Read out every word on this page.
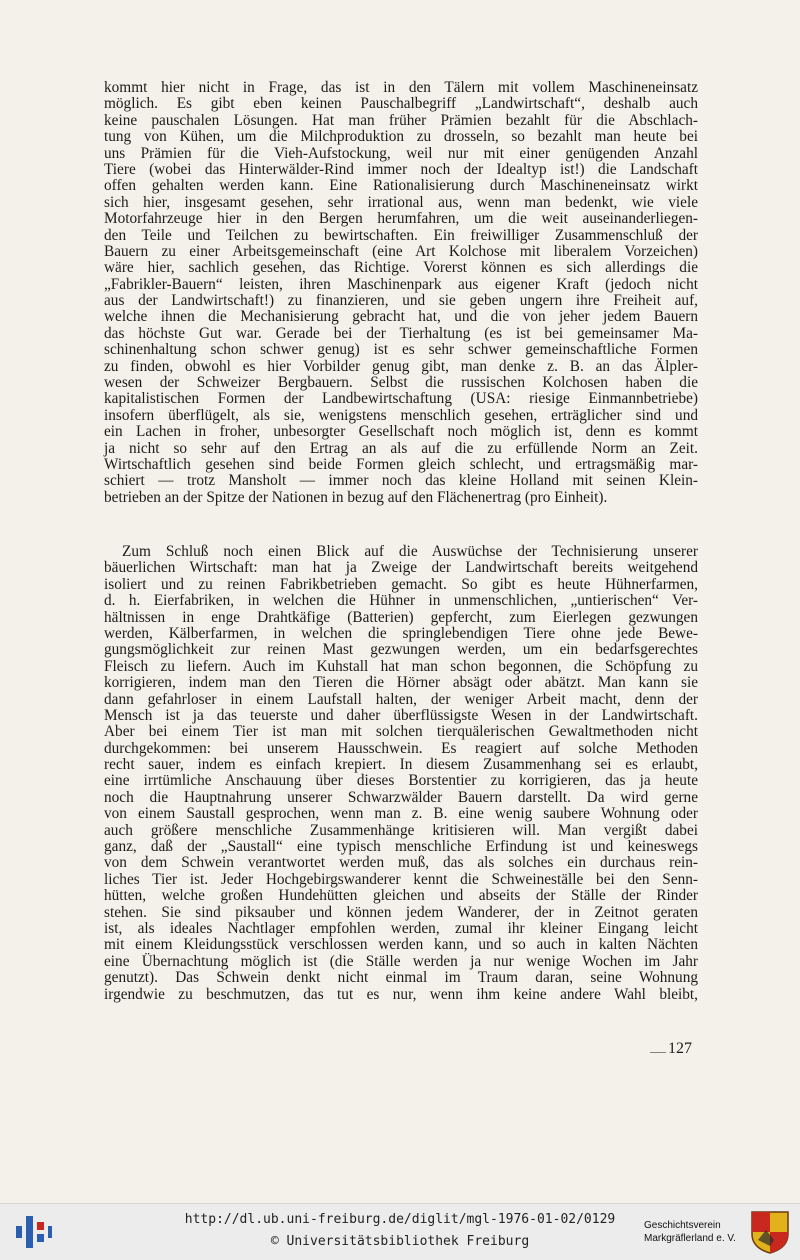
kommt hier nicht in Frage, das ist in den Tälern mit vollem Maschineneinsatz
möglich. Es gibt eben keinen Pauschalbegriff „Landwirtschaft“, deshalb auch
keine pauschalen Lösungen. Hat man früher Prämien bezahlt für die Abschlach-
tung von Kühen, um die Milchproduktion zu drosseln, so bezahlt man heute bei
uns Prämien für die Vieh-Aufstockung, weil nur mit einer genügenden Anzahl
Tiere (wobei das Hinterwälder-Rind immer noch der Idealtyp ist!) die Landschaft
offen gehalten werden kann. Eine Rationalisierung durch Maschineneinsatz wirkt
sich hier, insgesamt gesehen, sehr irrational aus, wenn man bedenkt, wie viele
Motorfahrzeuge hier in den Bergen herumfahren, um die weit auseinanderliegen-
den Teile und Teilchen zu bewirtschaften. Ein freiwilliger Zusammenschluß der
Bauern zu einer Arbeitsgemeinschaft (eine Art Kolchose mit liberalem Vorzeichen)
wäre hier, sachlich gesehen, das Richtige. Vorerst können es sich allerdings die
„Fabrikler-Bauern“ leisten, ihren Maschinenpark aus eigener Kraft (jedoch nicht
aus der Landwirtschaft!) zu finanzieren, und sie geben ungern ihre Freiheit auf,
welche ihnen die Mechanisierung gebracht hat, und die von jeher jedem Bauern
das höchste Gut war. Gerade bei der Tierhaltung (es ist bei gemeinsamer Ma-
schinenhaltung schon schwer genug) ist es sehr schwer gemeinschaftliche Formen
zu finden, obwohl es hier Vorbilder genug gibt, man denke z. B. an das Älpler-
wesen der Schweizer Bergbauern. Selbst die russischen Kolchosen haben die
kapitalistischen Formen der Landbewirtschaftung (USA: riesige Einmannbetriebe)
insofern überflügelt, als sie, wenigstens menschlich gesehen, erträglicher sind und
ein Lachen in froher, unbesorgter Gesellschaft noch möglich ist, denn es kommt
ja nicht so sehr auf den Ertrag an als auf die zu erfüllende Norm an Zeit.
Wirtschaftlich gesehen sind beide Formen gleich schlecht, und ertragsmäßig mar-
schiert — trotz Mansholt — immer noch das kleine Holland mit seinen Klein-
betrieben an der Spitze der Nationen in bezug auf den Flächenertrag (pro Einheit).
Zum Schluß noch einen Blick auf die Auswüchse der Technisierung unserer
bäuerlichen Wirtschaft: man hat ja Zweige der Landwirtschaft bereits weitgehend
isoliert und zu reinen Fabrikbetrieben gemacht. So gibt es heute Hühnerfarmen,
d. h. Eierfabriken, in welchen die Hühner in unmenschlichen, „untierischen“ Ver-
hältnissen in enge Drahtkäfige (Batterien) gepfercht, zum Eierlegen gezwungen
werden, Kälberfarmen, in welchen die springlebendigen Tiere ohne jede Bewe-
gungsmöglichkeit zur reinen Mast gezwungen werden, um ein bedarfsgerechtes
Fleisch zu liefern. Auch im Kuhstall hat man schon begonnen, die Schöpfung zu
korrigieren, indem man den Tieren die Hörner absägt oder abätzt. Man kann sie
dann gefahrloser in einem Laufstall halten, der weniger Arbeit macht, denn der
Mensch ist ja das teuerste und daher überflüssigste Wesen in der Landwirtschaft.
Aber bei einem Tier ist man mit solchen tierquälerischen Gewaltmethoden nicht
durchgekommen: bei unserem Hausschwein. Es reagiert auf solche Methoden
recht sauer, indem es einfach krepiert. In diesem Zusammenhang sei es erlaubt,
eine irrtümliche Anschauung über dieses Borstentier zu korrigieren, das ja heute
noch die Hauptnahrung unserer Schwarzwälder Bauern darstellt. Da wird gerne
von einem Saustall gesprochen, wenn man z. B. eine wenig saubere Wohnung oder
auch größere menschliche Zusammenhänge kritisieren will. Man vergißt dabei
ganz, daß der „Saustall“ eine typisch menschliche Erfindung ist und keineswegs
von dem Schwein verantwortet werden muß, das als solches ein durchaus rein-
liches Tier ist. Jeder Hochgebirgswanderer kennt die Schweineställe bei den Senn-
hütten, welche großen Hundehütten gleichen und abseits der Ställe der Rinder
stehen. Sie sind piksauber und können jedem Wanderer, der in Zeitnot geraten
ist, als ideales Nachtlager empfohlen werden, zumal ihr kleiner Eingang leicht
mit einem Kleidungsstück verschlossen werden kann, und so auch in kalten Nächten
eine Übernachtung möglich ist (die Ställe werden ja nur wenige Wochen im Jahr
genutzt). Das Schwein denkt nicht einmal im Traum daran, seine Wohnung
irgendwie zu beschmutzen, das tut es nur, wenn ihm keine andere Wahl bleibt,
127
http://dl.ub.uni-freiburg.de/diglit/mgl-1976-01-02/0129
© Universitätsbibliothek Freiburg
Geschichtsverein
Markgräflerland e. V.
